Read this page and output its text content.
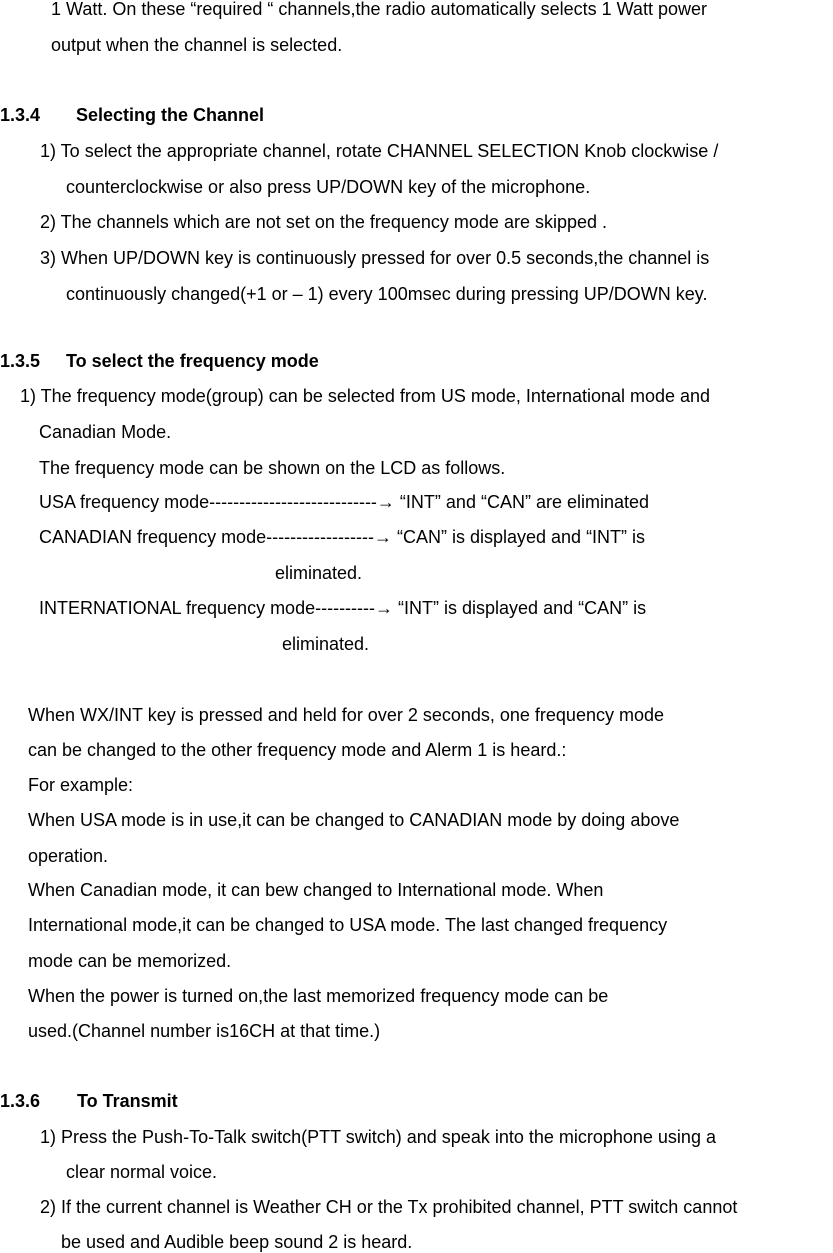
1 Watt. On these “required “ channels,the radio automatically selects 1 Watt power
output when the channel is selected.
1.3.4 Selecting the Channel
1) To select the appropriate channel, rotate CHANNEL SELECTION Knob clockwise /
counterclockwise or also press UP/DOWN key of the microphone.
2) The channels which are not set on the frequency mode are skipped .
3) When UP/DOWN key is continuously pressed for over 0.5 seconds,the channel is
continuously changed(+1 or – 1) every 100msec during pressing UP/DOWN key.
1.3.5 To select the frequency mode
1) The frequency mode(group) can be selected from US mode, International mode and
Canadian Mode.
The frequency mode can be shown on the LCD as follows.
USA frequency mode----------------------------→ “INT” and “CAN” are eliminated
CANADIAN frequency mode------------------→ “CAN” is displayed and “INT” is
eliminated.
INTERNATIONAL frequency mode----------→ “INT” is displayed and “CAN” is
eliminated.
When WX/INT key is pressed and held for over 2 seconds, one frequency mode
can be changed to the other frequency mode and Alerm 1 is heard.:
For example:
When USA mode is in use,it can be changed to CANADIAN mode by doing above
operation.
When Canadian mode, it can bew changed to International mode. When
International mode,it can be changed to USA mode. The last changed frequency
mode can be memorized.
When the power is turned on,the last memorized frequency mode can be
used.(Channel number is16CH at that time.)
1.3.6 To Transmit
1) Press the Push-To-Talk switch(PTT switch) and speak into the microphone using a
clear normal voice.
2) If the current channel is Weather CH or the Tx prohibited channel, PTT switch cannot
be used and Audible beep sound 2 is heard.
